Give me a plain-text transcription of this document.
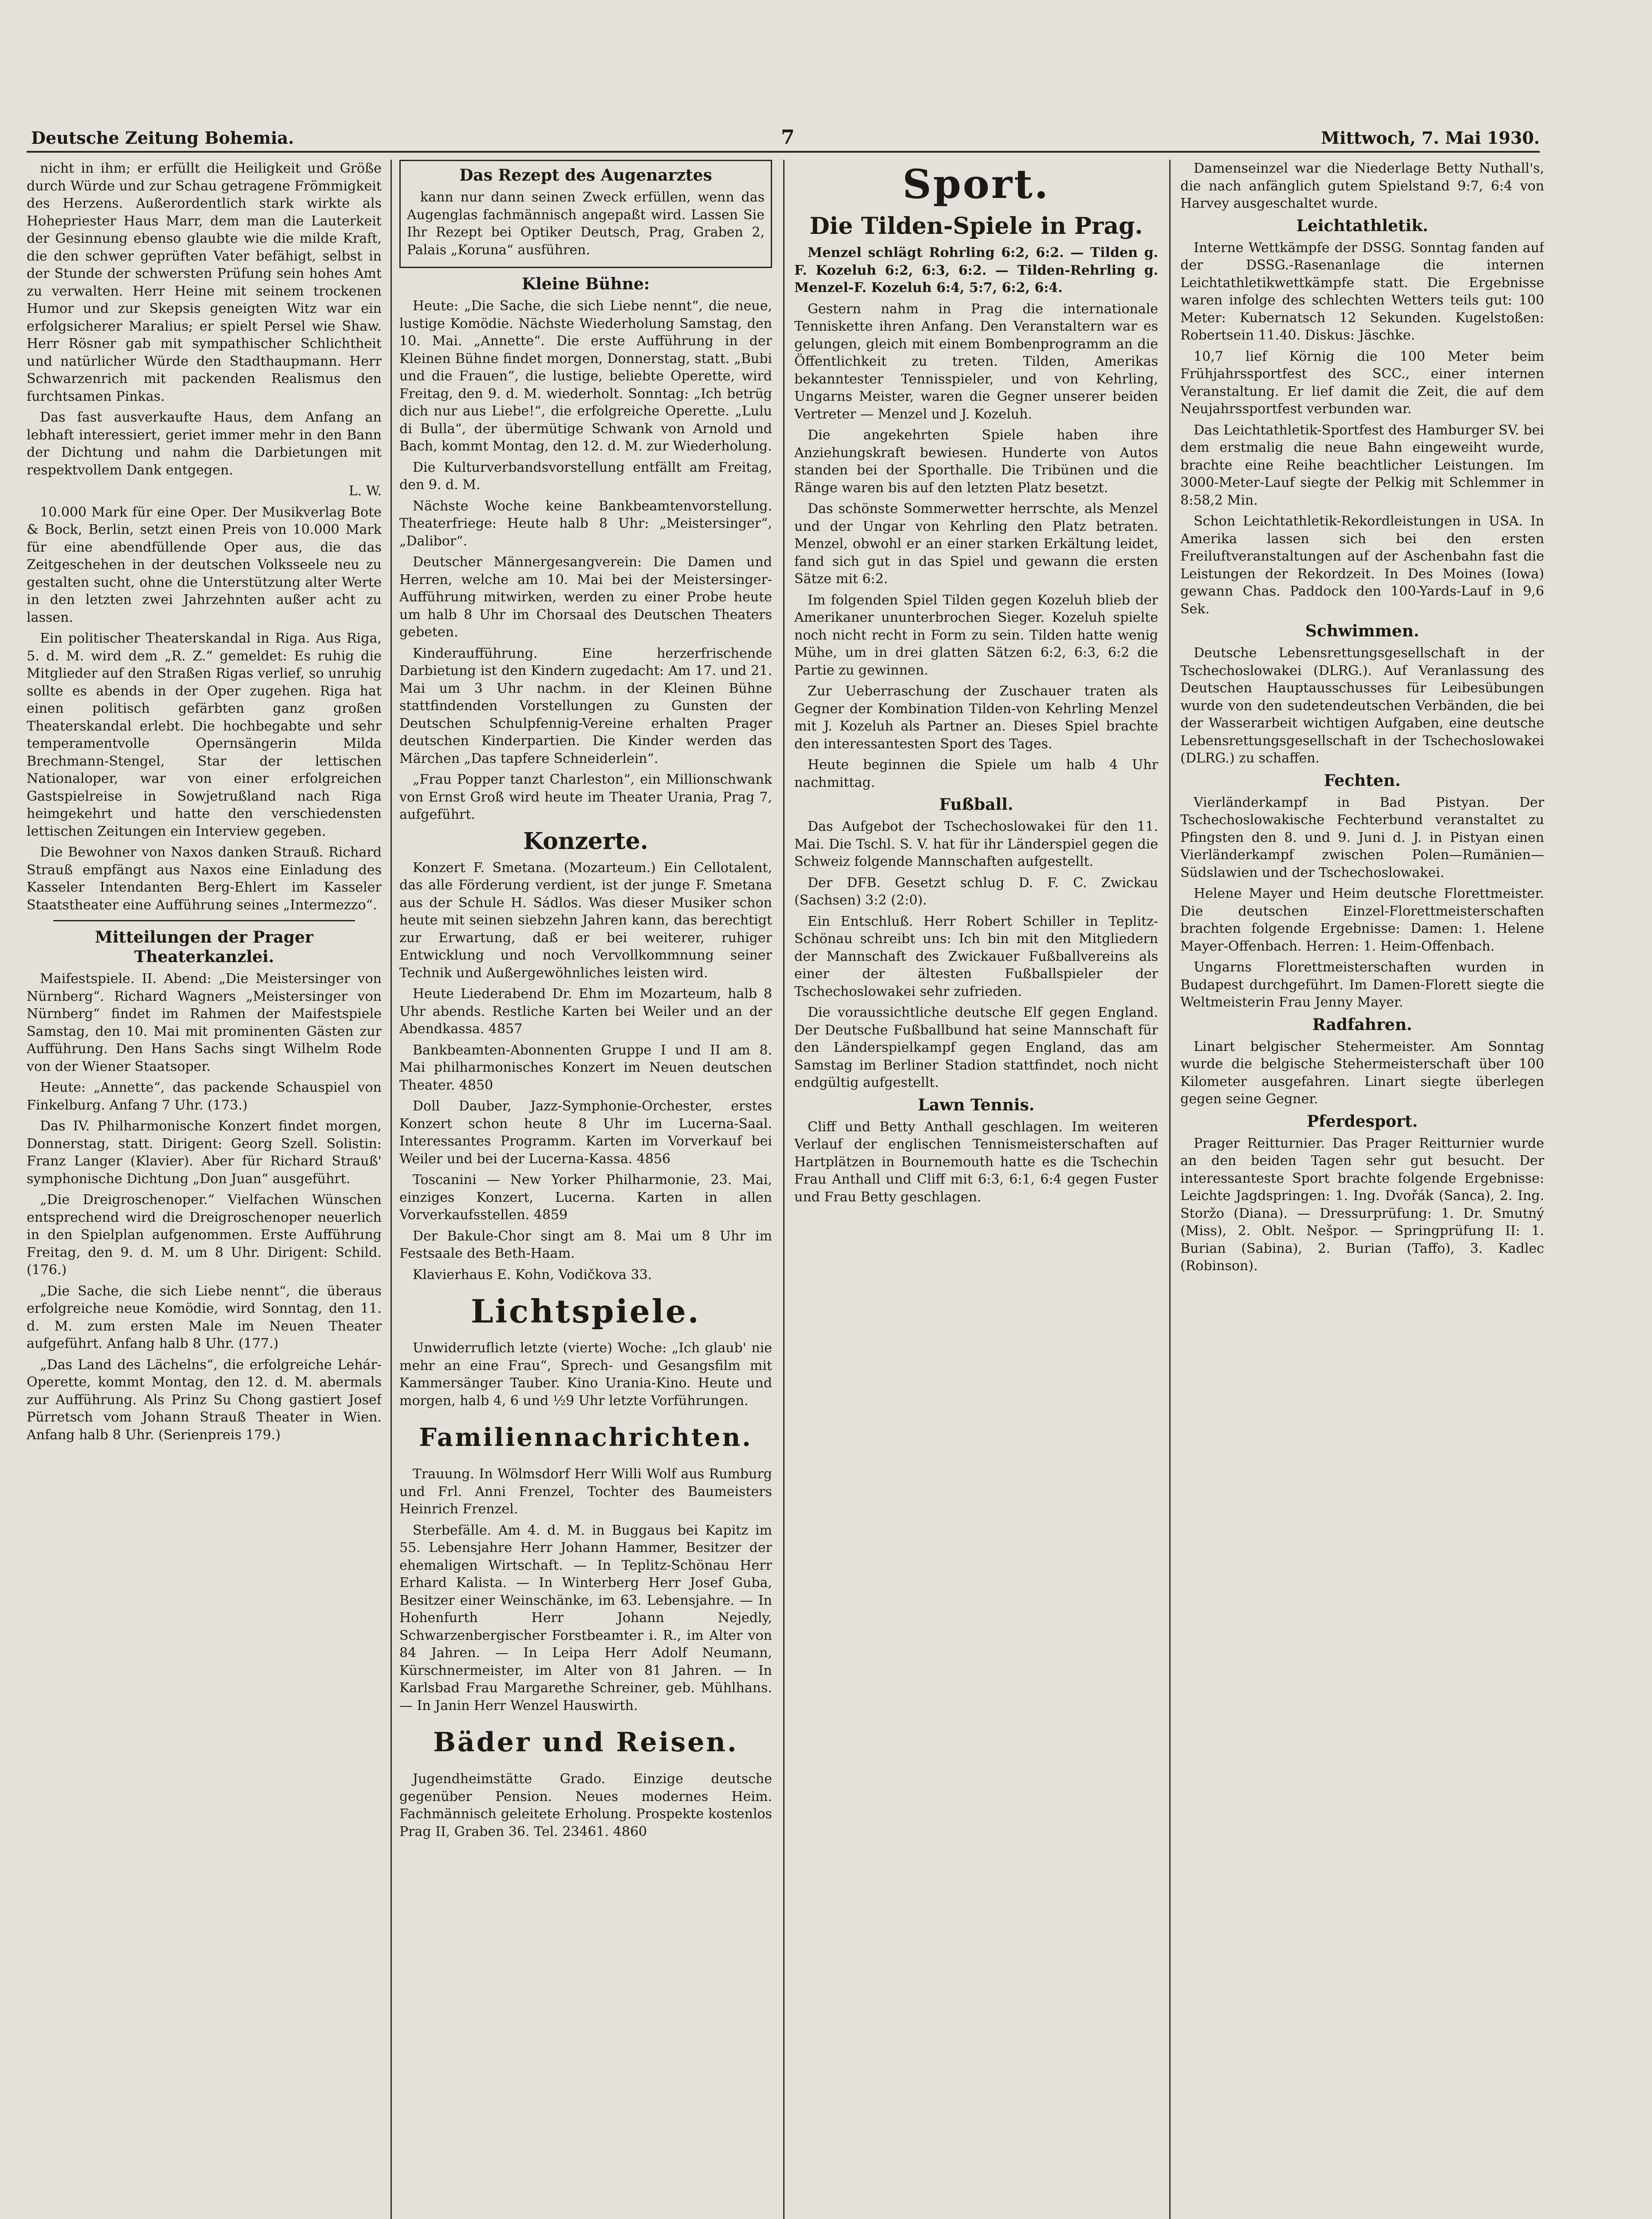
Deutsche Zeitung Bohemia.	7	Mittwoch, 7. Mai 1930.

nicht in ihm; er erfüllt die Heiligkeit und Größe durch Würde und zur Schau getragene Frömmigkeit des Herzens. Außerordentlich stark wirkte als Hohepriester Haus Marr, dem man die Lauterkeit der Gesinnung ebenso glaubte wie die milde Kraft, die den schwer geprüften Vater befähigt, selbst in der Stunde der schwersten Prüfung sein hohes Amt zu verwalten. Herr Heine mit seinem trockenen Humor und zur Skepsis geneigten Witz war ein erfolgsicherer Maralius; er spielt Persel wie Shaw. Herr Rösner gab mit sympathischer Schlichtheit und natürlicher Würde den Stadthaupmann. Herr Schwarzenrich mit packenden Realismus den furchtsamen Pinkas.

Das fast ausverkaufte Haus, dem Anfang an lebhaft interessiert, geriet immer mehr in den Bann der Dichtung und nahm die Darbietungen mit respektvollem Dank entgegen.

L. W.

10.000 Mark für eine Oper. Der Musikverlag Bote & Bock, Berlin, setzt einen Preis von 10.000 Mark für eine abendfüllende Oper aus, die das Zeitgeschehen in der deutschen Volksseele neu zu gestalten sucht, ohne die Unterstützung alter Werte in den letzten zwei Jahrzehnten außer acht zu lassen.

Ein politischer Theaterskandal in Riga. Aus Riga, 5. d. M. wird dem „R. Z.“ gemeldet: Es ruhig die Mitglieder auf den Straßen Rigas verlief, so unruhig sollte es abends in der Oper zugehen. Riga hat einen politisch gefärbten ganz großen Theaterskandal erlebt. Die hochbegabte und sehr temperamentvolle Opernsängerin Milda Brechmann-Stengel, Star der lettischen Nationaloper, war von einer erfolgreichen Gastspielreise in Sowjetrußland nach Riga heimgekehrt und hatte den verschiedensten lettischen Zeitungen ein Interview gegeben.

Die Bewohner von Naxos danken Strauß. Richard Strauß empfängt aus Naxos eine Einladung des Kasseler Intendanten Berg-Ehlert im Kasseler Staatstheater eine Aufführung seines „Intermezzo“.

Mitteilungen der Prager Theaterkanzlei.

Maifestspiele. II. Abend: „Die Meistersinger von Nürnberg“. Richard Wagners „Meistersinger von Nürnberg“ findet im Rahmen der Maifestspiele Samstag, den 10. Mai mit prominenten Gästen zur Aufführung. Den Hans Sachs singt Wilhelm Rode von der Wiener Staatsoper.

Heute: „Annette“, das packende Schauspiel von Finkelburg. Anfang 7 Uhr. (173.)

Das IV. Philharmonische Konzert findet morgen, Donnerstag, statt. Dirigent: Georg Szell. Solistin: Franz Langer (Klavier). Aber für Richard Strauß' symphonische Dichtung „Don Juan“ ausgeführt.

„Die Dreigroschenoper.“ Vielfachen Wünschen entsprechend wird die Dreigroschenoper neuerlich in den Spielplan aufgenommen. Erste Aufführung Freitag, den 9. d. M. um 8 Uhr. Dirigent: Schild. (176.)

„Die Sache, die sich Liebe nennt“, die überaus erfolgreiche neue Komödie, wird Sonntag, den 11. d. M. zum ersten Male im Neuen Theater aufgeführt. Anfang halb 8 Uhr. (177.)

„Das Land des Lächelns“, die erfolgreiche Lehár-Operette, kommt Montag, den 12. d. M. abermals zur Aufführung. Als Prinz Su Chong gastiert Josef Pürretsch vom Johann Strauß Theater in Wien. Anfang halb 8 Uhr. (Serienpreis 179.)

Das Rezept des Augenarztes

kann nur dann seinen Zweck erfüllen, wenn das Augenglas fachmännisch angepaßt wird. Lassen Sie Ihr Rezept bei Optiker Deutsch, Prag, Graben 2, Palais „Koruna“ ausführen.

Kleine Bühne:

Heute: „Die Sache, die sich Liebe nennt“, die neue, lustige Komödie. Nächste Wiederholung Samstag, den 10. Mai. „Annette“. Die erste Aufführung in der Kleinen Bühne findet morgen, Donnerstag, statt. „Bubi und die Frauen“, die lustige, beliebte Operette, wird Freitag, den 9. d. M. wiederholt. Sonntag: „Ich betrüg dich nur aus Liebe!“, die erfolgreiche Operette. „Lulu di Bulla“, der übermütige Schwank von Arnold und Bach, kommt Montag, den 12. d. M. zur Wiederholung.

Die Kulturverbandsvorstellung entfällt am Freitag, den 9. d. M.

Nächste Woche keine Bankbeamtenvorstellung. Theaterfriege: Heute halb 8 Uhr: „Meistersinger“, „Dalibor“.

Deutscher Männergesangverein: Die Damen und Herren, welche am 10. Mai bei der Meistersinger-Aufführung mitwirken, werden zu einer Probe heute um halb 8 Uhr im Chorsaal des Deutschen Theaters gebeten.

Kinderaufführung. Eine herzerfrischende Darbietung ist den Kindern zugedacht: Am 17. und 21. Mai um 3 Uhr nachm. in der Kleinen Bühne stattfindenden Vorstellungen zu Gunsten der Deutschen Schulpfennig-Vereine erhalten Prager deutschen Kinderpartien. Die Kinder werden das Märchen „Das tapfere Schneiderlein“.

„Frau Popper tanzt Charleston“, ein Millionschwank von Ernst Groß wird heute im Theater Urania, Prag 7, aufgeführt.

Konzerte.

Konzert F. Smetana. (Mozarteum.) Ein Cellotalent, das alle Förderung verdient, ist der junge F. Smetana aus der Schule H. Sádlos. Was dieser Musiker schon heute mit seinen siebzehn Jahren kann, das berechtigt zur Erwartung, daß er bei weiterer, ruhiger Entwicklung und noch Vervollkommnung seiner Technik und Außergewöhnliches leisten wird.

Heute Liederabend Dr. Ehm im Mozarteum, halb 8 Uhr abends. Restliche Karten bei Weiler und an der Abendkassa. 4857

Bankbeamten-Abonnenten Gruppe I und II am 8. Mai philharmonisches Konzert im Neuen deutschen Theater. 4850

Doll Dauber, Jazz-Symphonie-Orchester, erstes Konzert schon heute 8 Uhr im Lucerna-Saal. Interessantes Programm. Karten im Vorverkauf bei Weiler und bei der Lucerna-Kassa. 4856

Toscanini — New Yorker Philharmonie, 23. Mai, einziges Konzert, Lucerna. Karten in allen Vorverkaufsstellen. 4859

Der Bakule-Chor singt am 8. Mai um 8 Uhr im Festsaale des Beth-Haam.

Klavierhaus E. Kohn, Vodičkova 33.

Lichtspiele.

Unwiderruflich letzte (vierte) Woche: „Ich glaub' nie mehr an eine Frau“, Sprech- und Gesangsfilm mit Kammersänger Tauber. Kino Urania-Kino. Heute und morgen, halb 4, 6 und ½9 Uhr letzte Vorführungen.

Familiennachrichten.

Trauung. In Wölmsdorf Herr Willi Wolf aus Rumburg und Frl. Anni Frenzel, Tochter des Baumeisters Heinrich Frenzel.

Sterbefälle. Am 4. d. M. in Buggaus bei Kapitz im 55. Lebensjahre Herr Johann Hammer, Besitzer der ehemaligen Wirtschaft. — In Teplitz-Schönau Herr Erhard Kalista. — In Winterberg Herr Josef Guba, Besitzer einer Weinschänke, im 63. Lebensjahre. — In Hohenfurth Herr Johann Nejedly, Schwarzenbergischer Forstbeamter i. R., im Alter von 84 Jahren. — In Leipa Herr Adolf Neumann, Kürschnermeister, im Alter von 81 Jahren. — In Karlsbad Frau Margarethe Schreiner, geb. Mühlhans. — In Janin Herr Wenzel Hauswirth.

Bäder und Reisen.

Jugendheimstätte Grado. Einzige deutsche gegenüber Pension. Neues modernes Heim. Fachmännisch geleitete Erholung. Prospekte kostenlos Prag II, Graben 36. Tel. 23461. 4860

Sport.

Die Tilden-Spiele in Prag.

Menzel schlägt Rohrling 6:2, 6:2. — Tilden g. F. Kozeluh 6:2, 6:3, 6:2. — Tilden-Rehrling g. Menzel-F. Kozeluh 6:4, 5:7, 6:2, 6:4.

Gestern nahm in Prag die internationale Tenniskette ihren Anfang. Den Veranstaltern war es gelungen, gleich mit einem Bombenprogramm an die Öffentlichkeit zu treten. Tilden, Amerikas bekanntester Tennisspieler, und von Kehrling, Ungarns Meister, waren die Gegner unserer beiden Vertreter — Menzel und J. Kozeluh.

Die angekehrten Spiele haben ihre Anziehungskraft bewiesen. Hunderte von Autos standen bei der Sporthalle. Die Tribünen und die Ränge waren bis auf den letzten Platz besetzt.

Das schönste Sommerwetter herrschte, als Menzel und der Ungar von Kehrling den Platz betraten. Menzel, obwohl er an einer starken Erkältung leidet, fand sich gut in das Spiel und gewann die ersten Sätze mit 6:2.

Im folgenden Spiel Tilden gegen Kozeluh blieb der Amerikaner ununterbrochen Sieger. Kozeluh spielte noch nicht recht in Form zu sein. Tilden hatte wenig Mühe, um in drei glatten Sätzen 6:2, 6:3, 6:2 die Partie zu gewinnen.

Zur Ueberraschung der Zuschauer traten als Gegner der Kombination Tilden-von Kehrling Menzel mit J. Kozeluh als Partner an. Dieses Spiel brachte den interessantesten Sport des Tages.

Heute beginnen die Spiele um halb 4 Uhr nachmittag.

Fußball.

Das Aufgebot der Tschechoslowakei für den 11. Mai. Die Tschl. S. V. hat für ihr Länderspiel gegen die Schweiz folgende Mannschaften aufgestellt.

Der DFB. Gesetzt schlug D. F. C. Zwickau (Sachsen) 3:2 (2:0).

Ein Entschluß. Herr Robert Schiller in Teplitz-Schönau schreibt uns: Ich bin mit den Mitgliedern der Mannschaft des Zwickauer Fußballvereins als einer der ältesten Fußballspieler der Tschechoslowakei sehr zufrieden.

Die voraussichtliche deutsche Elf gegen England. Der Deutsche Fußballbund hat seine Mannschaft für den Länderspielkampf gegen England, das am Samstag im Berliner Stadion stattfindet, noch nicht endgültig aufgestellt.

Lawn Tennis.

Cliff und Betty Anthall geschlagen. Im weiteren Verlauf der englischen Tennismeisterschaften auf Hartplätzen in Bournemouth hatte es die Tschechin Frau Anthall und Cliff mit 6:3, 6:1, 6:4 gegen Fuster und Frau Betty geschlagen.

Damenseinzel war die Niederlage Betty Nuthall's, die nach anfänglich gutem Spielstand 9:7, 6:4 von Harvey ausgeschaltet wurde.

Leichtathletik.

Interne Wettkämpfe der DSSG. Sonntag fanden auf der DSSG.-Rasenanlage die internen Leichtathletikwettkämpfe statt. Die Ergebnisse waren infolge des schlechten Wetters teils gut: 100 Meter: Kubernatsch 12 Sekunden. Kugelstoßen: Robertsein 11.40. Diskus: Jäschke.

10,7 lief Körnig die 100 Meter beim Frühjahrssportfest des SCC., einer internen Veranstaltung. Er lief damit die Zeit, die auf dem Neujahrssportfest verbunden war.

Das Leichtathletik-Sportfest des Hamburger SV. bei dem erstmalig die neue Bahn eingeweiht wurde, brachte eine Reihe beachtlicher Leistungen. Im 3000-Meter-Lauf siegte der Pelkig mit Schlemmer in 8:58,2 Min.

Schon Leichtathletik-Rekordleistungen in USA. In Amerika lassen sich bei den ersten Freiluftveranstaltungen auf der Aschenbahn fast die Leistungen der Rekordzeit. In Des Moines (Iowa) gewann Chas. Paddock den 100-Yards-Lauf in 9,6 Sek.

Schwimmen.

Deutsche Lebensrettungsgesellschaft in der Tschechoslowakei (DLRG.). Auf Veranlassung des Deutschen Hauptausschusses für Leibesübungen wurde von den sudetendeutschen Verbänden, die bei der Wasserarbeit wichtigen Aufgaben, eine deutsche Lebensrettungsgesellschaft in der Tschechoslowakei (DLRG.) zu schaffen.

Fechten.

Vierländerkampf in Bad Pistyan. Der Tschechoslowakische Fechterbund veranstaltet zu Pfingsten den 8. und 9. Juni d. J. in Pistyan einen Vierländerkampf zwischen Polen—Rumänien—Südslawien und der Tschechoslowakei.

Helene Mayer und Heim deutsche Florettmeister. Die deutschen Einzel-Florettmeisterschaften brachten folgende Ergebnisse: Damen: 1. Helene Mayer-Offenbach. Herren: 1. Heim-Offenbach.

Ungarns Florettmeisterschaften wurden in Budapest durchgeführt. Im Damen-Florett siegte die Weltmeisterin Frau Jenny Mayer.

Radfahren.

Linart belgischer Stehermeister. Am Sonntag wurde die belgische Stehermeisterschaft über 100 Kilometer ausgefahren. Linart siegte überlegen gegen seine Gegner.

Pferdesport.

Prager Reitturnier. Das Prager Reitturnier wurde an den beiden Tagen sehr gut besucht. Der interessanteste Sport brachte folgende Ergebnisse: Leichte Jagdspringen: 1. Ing. Dvořák (Sanca), 2. Ing. Storžo (Diana). — Dressurprüfung: 1. Dr. Smutný (Miss), 2. Oblt. Nešpor. — Springprüfung II: 1. Burian (Sabina), 2. Burian (Taffo), 3. Kadlec (Robinson).
